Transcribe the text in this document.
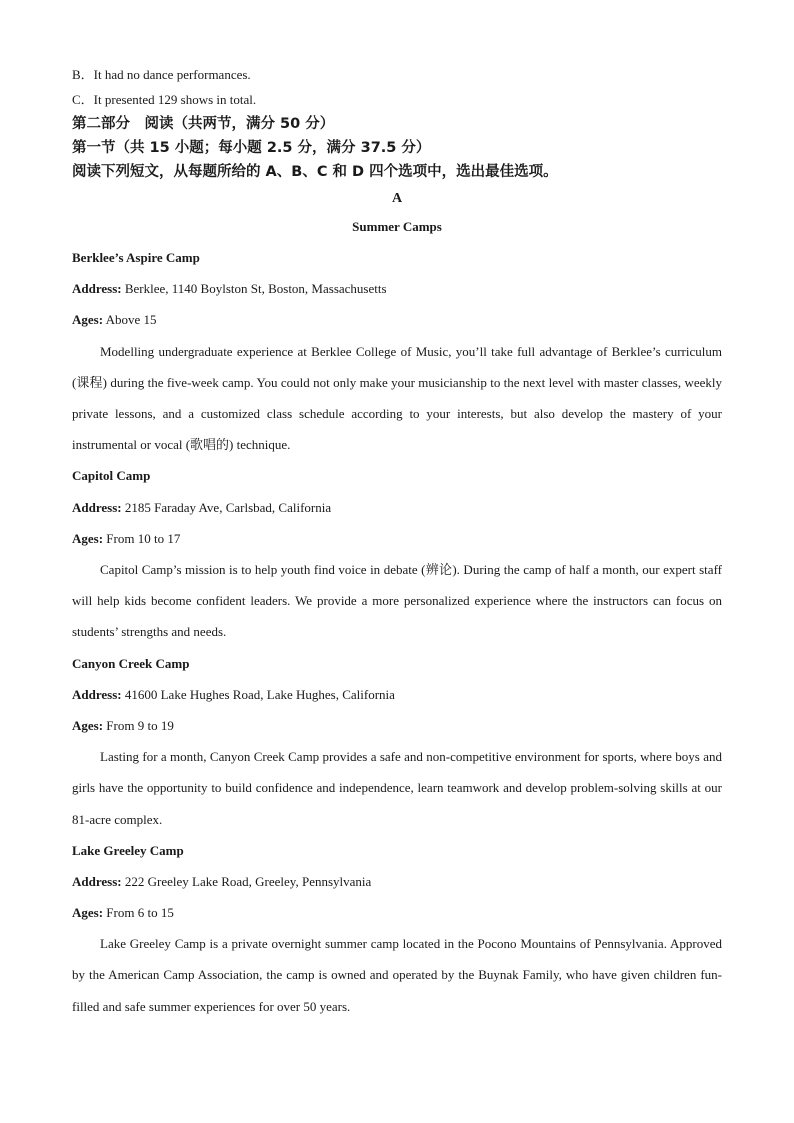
B．It had no dance performances.
C．It presented 129 shows in total.
第二部分　阅读（共两节，满分 50 分）
第一节（共 15 小题；每小题 2.5 分，满分 37.5 分）
阅读下列短文，从每题所给的 A、B、C 和 D 四个选项中，选出最佳选项。
A
Summer Camps
Berklee’s Aspire Camp
Address: Berklee, 1140 Boylston St, Boston, Massachusetts
Ages: Above 15
Modelling undergraduate experience at Berklee College of Music, you’ll take full advantage of Berklee’s curriculum (课程) during the five-week camp. You could not only make your musicianship to the next level with master classes, weekly private lessons, and a customized class schedule according to your interests, but also develop the mastery of your instrumental or vocal (歌唱的) technique.
Capitol Camp
Address: 2185 Faraday Ave, Carlsbad, California
Ages: From 10 to 17
Capitol Camp’s mission is to help youth find voice in debate (辨论). During the camp of half a month, our expert staff will help kids become confident leaders. We provide a more personalized experience where the instructors can focus on students’ strengths and needs.
Canyon Creek Camp
Address: 41600 Lake Hughes Road, Lake Hughes, California
Ages: From 9 to 19
Lasting for a month, Canyon Creek Camp provides a safe and non-competitive environment for sports, where boys and girls have the opportunity to build confidence and independence, learn teamwork and develop problem-solving skills at our 81-acre complex.
Lake Greeley Camp
Address: 222 Greeley Lake Road, Greeley, Pennsylvania
Ages: From 6 to 15
Lake Greeley Camp is a private overnight summer camp located in the Pocono Mountains of Pennsylvania. Approved by the American Camp Association, the camp is owned and operated by the Buynak Family, who have given children fun-filled and safe summer experiences for over 50 years.
